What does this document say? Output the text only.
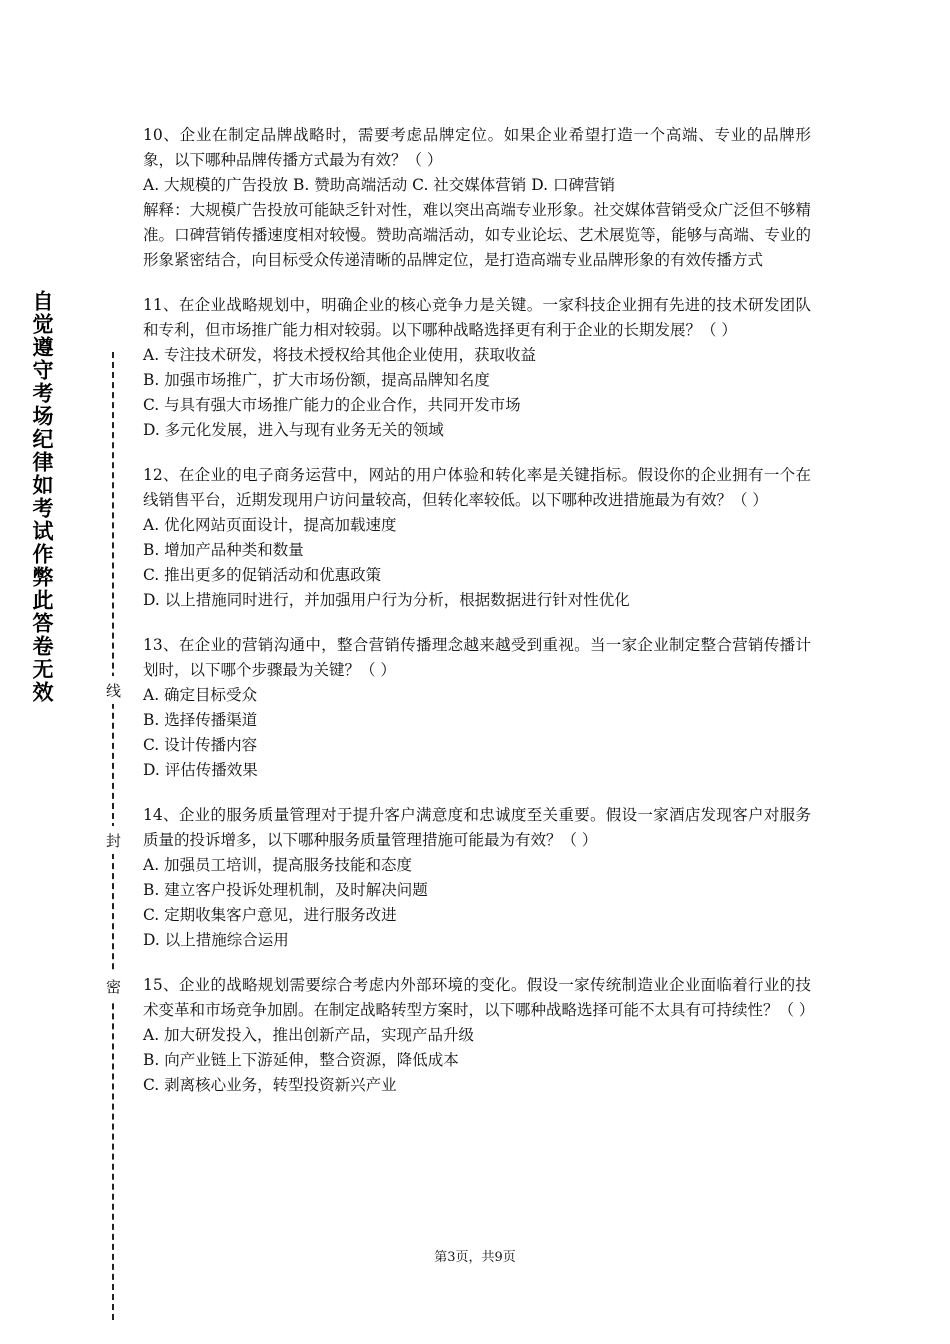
自觉遵守考场纪律如考试作弊此答卷无效	线
封
密
10、企业在制定品牌战略时，需要考虑品牌定位。如果企业希望打造一个高端、专业的品牌形象，以下哪种品牌传播方式最为有效？（ ）
A. 大规模的广告投放 B. 赞助高端活动 C. 社交媒体营销 D. 口碑营销
解释：大规模广告投放可能缺乏针对性，难以突出高端专业形象。社交媒体营销受众广泛但不够精准。口碑营销传播速度相对较慢。赞助高端活动，如专业论坛、艺术展览等，能够与高端、专业的形象紧密结合，向目标受众传递清晰的品牌定位，是打造高端专业品牌形象的有效传播方式
11、在企业战略规划中，明确企业的核心竞争力是关键。一家科技企业拥有先进的技术研发团队和专利，但市场推广能力相对较弱。以下哪种战略选择更有利于企业的长期发展？（ ）
A. 专注技术研发，将技术授权给其他企业使用，获取收益
B. 加强市场推广，扩大市场份额，提高品牌知名度
C. 与具有强大市场推广能力的企业合作，共同开发市场
D. 多元化发展，进入与现有业务无关的领域
12、在企业的电子商务运营中，网站的用户体验和转化率是关键指标。假设你的企业拥有一个在线销售平台，近期发现用户访问量较高，但转化率较低。以下哪种改进措施最为有效？（ ）
A. 优化网站页面设计，提高加载速度
B. 增加产品种类和数量
C. 推出更多的促销活动和优惠政策
D. 以上措施同时进行，并加强用户行为分析，根据数据进行针对性优化
13、在企业的营销沟通中，整合营销传播理念越来越受到重视。当一家企业制定整合营销传播计划时，以下哪个步骤最为关键？（ ）
A. 确定目标受众
B. 选择传播渠道
C. 设计传播内容
D. 评估传播效果
14、企业的服务质量管理对于提升客户满意度和忠诚度至关重要。假设一家酒店发现客户对服务质量的投诉增多，以下哪种服务质量管理措施可能最为有效？（ ）
A. 加强员工培训，提高服务技能和态度
B. 建立客户投诉处理机制，及时解决问题
C. 定期收集客户意见，进行服务改进
D. 以上措施综合运用
15、企业的战略规划需要综合考虑内外部环境的变化。假设一家传统制造业企业面临着行业的技术变革和市场竞争加剧。在制定战略转型方案时，以下哪种战略选择可能不太具有可持续性？（ ）
A. 加大研发投入，推出创新产品，实现产品升级
B. 向产业链上下游延伸，整合资源，降低成本
C. 剥离核心业务，转型投资新兴产业
第3页，共9页
